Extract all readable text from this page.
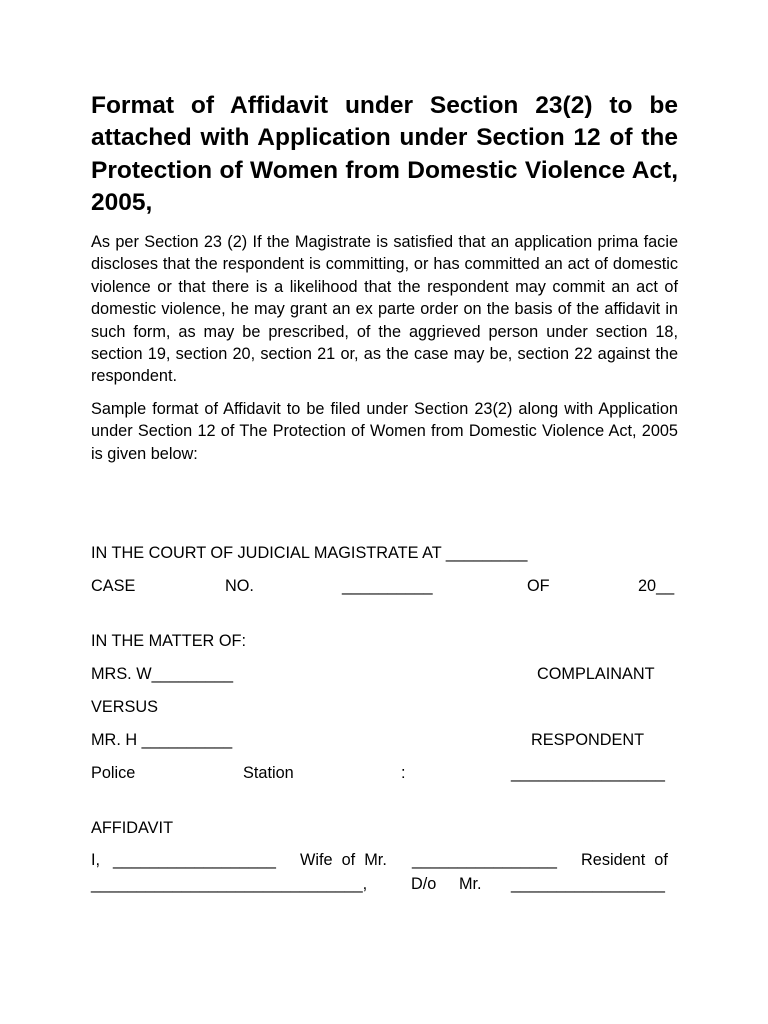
Format of Affidavit under Section 23(2) to be attached with Application under Section 12 of the Protection of Women from Domestic Violence Act, 2005,

As per Section 23 (2) If the Magistrate is satisfied that an application prima facie discloses that the respondent is committing, or has committed an act of domestic violence or that there is a likelihood that the respondent may commit an act of domestic violence, he may grant an ex parte order on the basis of the affidavit in such form, as may be prescribed, of the aggrieved person under section 18, section 19, section 20, section 21 or, as the case may be, section 22 against the respondent.

Sample format of Affidavit to be filed under Section 23(2) along with Application under Section 12 of The Protection of Women from Domestic Violence Act, 2005 is given below:

IN THE COURT OF JUDICIAL MAGISTRATE AT _________
CASE	NO.	__________	OF	20__
IN THE MATTER OF:
MRS. W_________	COMPLAINANT
VERSUS
MR. H __________	RESPONDENT
Police	Station	:	_________________
AFFIDAVIT
I, __________________ Wife  of  Mr. ________________ Resident  of
______________________________,	D/o     Mr. _________________
